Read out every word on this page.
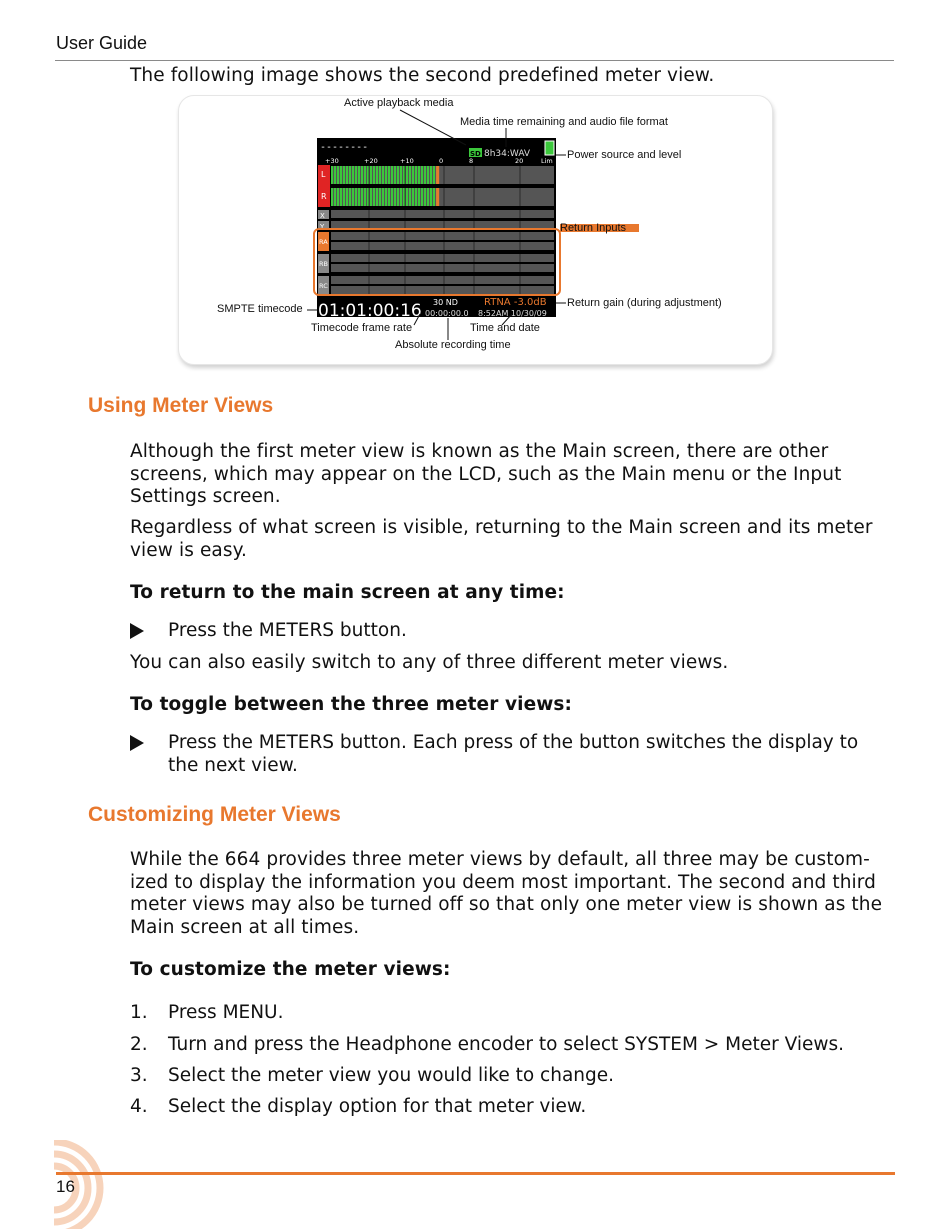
User Guide
The following image shows the second predefined meter view.
--------
SD 8h34:WAV
+30	+20	+10	0	8	20	Lim
L
R
X
Y
RA
RB
RC
01:01:00:16 30 ND
00:00:00.0
RTNA -3.0dB
8:52AM 10/30/09
Active playback media
Media time remaining and audio file format
Power source and level
Return Inputs
Return gain (during adjustment)
SMPTE timecode
Timecode frame rate	Time and date
Absolute recording time
Using Meter Views
Although the first meter view is known as the Main screen, there are other screens, which may appear on the LCD, such as the Main menu or the Input Settings screen.
Regardless of what screen is visible, returning to the Main screen and its meter view is easy.
To return to the main screen at any time:
Press the METERS button.
You can also easily switch to any of three different meter views.
To toggle between the three meter views:
Press the METERS button. Each press of the button switches the display to the next view.
Customizing Meter Views
While the 664 provides three meter views by default, all three may be custom-ized to display the information you deem most important. The second and third meter views may also be turned off so that only one meter view is shown as the Main screen at all times.
To customize the meter views:
1. Press MENU.
2. Turn and press the Headphone encoder to select SYSTEM > Meter Views.
3. Select the meter view you would like to change.
4. Select the display option for that meter view.
16
